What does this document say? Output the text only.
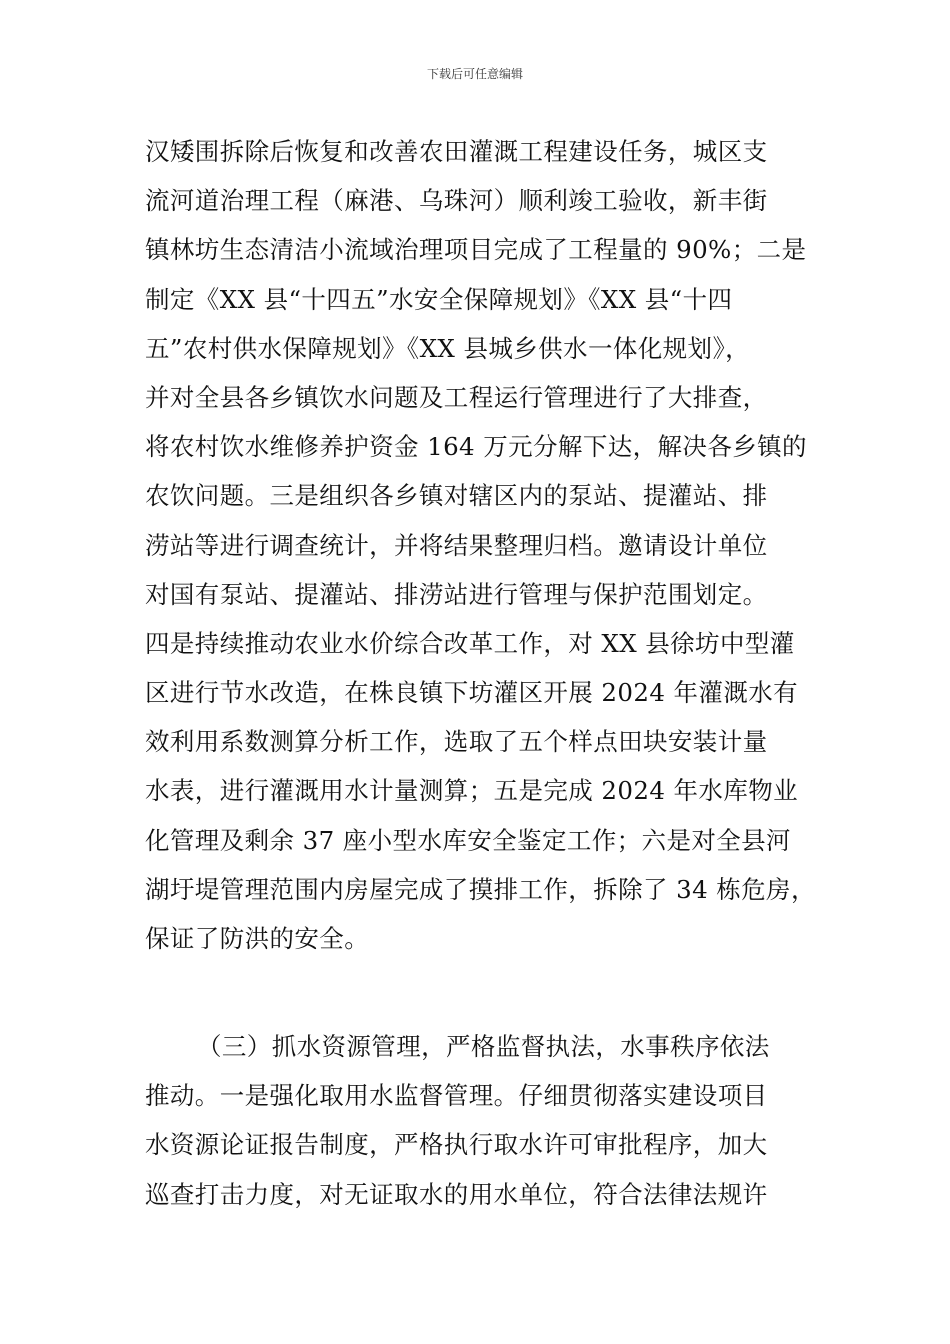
下载后可任意编辑
汉矮围拆除后恢复和改善农田灌溉工程建设任务，城区支
流河道治理工程（麻港、乌珠河）顺利竣工验收，新丰街
镇林坊生态清洁小流域治理项目完成了工程量的 90%；二是
制定《XX 县“十四五”水安全保障规划》《XX 县“十四
五”农村供水保障规划》《XX 县城乡供水一体化规划》，
并对全县各乡镇饮水问题及工程运行管理进行了大排查，
将农村饮水维修养护资金 164 万元分解下达，解决各乡镇的
农饮问题。三是组织各乡镇对辖区内的泵站、提灌站、排
涝站等进行调查统计，并将结果整理归档。邀请设计单位
对国有泵站、提灌站、排涝站进行管理与保护范围划定。
四是持续推动农业水价综合改革工作，对 XX 县徐坊中型灌
区进行节水改造，在株良镇下坊灌区开展 2024 年灌溉水有
效利用系数测算分析工作，选取了五个样点田块安装计量
水表，进行灌溉用水计量测算；五是完成 2024 年水库物业
化管理及剩余 37 座小型水库安全鉴定工作；六是对全县河
湖圩堤管理范围内房屋完成了摸排工作，拆除了 34 栋危房，
保证了防洪的安全。
（三）抓水资源管理，严格监督执法，水事秩序依法
推动。一是强化取用水监督管理。仔细贯彻落实建设项目
水资源论证报告制度，严格执行取水许可审批程序，加大
巡查打击力度，对无证取水的用水单位，符合法律法规许
